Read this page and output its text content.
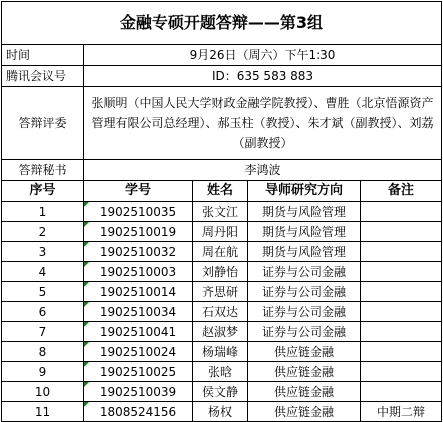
金融专硕开题答辩——第3组				
时间	9月26日（周六）下午1:30			
腾讯会议号	ID：635 583 883			
答辩评委	张顺明（中国人民大学财政金融学院教授）、曹胜（北京悟源资产管理有限公司总经理）、郝玉柱（教授）、朱才斌（副教授）、刘荔（副教授）			
答辩秘书	李鸿波			
序号	学号	姓名	导师研究方向	备注
1	1902510035	张文江	期货与风险管理	
2	1902510019	周丹阳	期货与风险管理	
3	1902510032	周在航	期货与风险管理	
4	1902510003	刘静怡	证券与公司金融	
5	1902510014	齐思研	证券与公司金融	
6	1902510034	石双达	证券与公司金融	
7	1902510041	赵淑梦	证券与公司金融	
8	1902510024	杨瑞峰	供应链金融	
9	1902510025	张晗	供应链金融	
10	1902510039	侯文静	供应链金融	
11	1808524156	杨权	供应链金融	中期二辩
